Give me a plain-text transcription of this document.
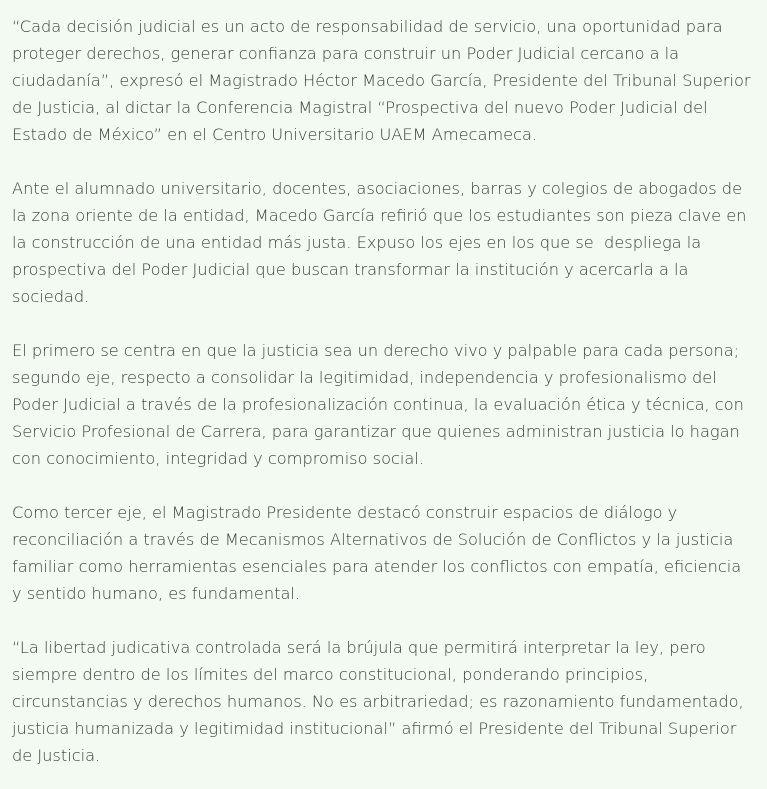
“Cada decisión judicial es un acto de responsabilidad de servicio, una oportunidad para proteger derechos, generar confianza para construir un Poder Judicial cercano a la ciudadanía”, expresó el Magistrado Héctor Macedo García, Presidente del Tribunal Superior de Justicia, al dictar la Conferencia Magistral “Prospectiva del nuevo Poder Judicial del Estado de México” en el Centro Universitario UAEM Amecameca.

Ante el alumnado universitario, docentes, asociaciones, barras y colegios de abogados de la zona oriente de la entidad, Macedo García refirió que los estudiantes son pieza clave en la construcción de una entidad más justa. Expuso los ejes en los que se  despliega la prospectiva del Poder Judicial que buscan transformar la institución y acercarla a la sociedad.

El primero se centra en que la justicia sea un derecho vivo y palpable para cada persona; segundo eje, respecto a consolidar la legitimidad, independencia y profesionalismo del Poder Judicial a través de la profesionalización continua, la evaluación ética y técnica, con Servicio Profesional de Carrera, para garantizar que quienes administran justicia lo hagan con conocimiento, integridad y compromiso social.

Como tercer eje, el Magistrado Presidente destacó construir espacios de diálogo y reconciliación a través de Mecanismos Alternativos de Solución de Conflictos y la justicia familiar como herramientas esenciales para atender los conflictos con empatía, eficiencia y sentido humano, es fundamental.

“La libertad judicativa controlada será la brújula que permitirá interpretar la ley, pero siempre dentro de los límites del marco constitucional, ponderando principios, circunstancias y derechos humanos. No es arbitrariedad; es razonamiento fundamentado, justicia humanizada y legitimidad institucional” afirmó el Presidente del Tribunal Superior de Justicia.
